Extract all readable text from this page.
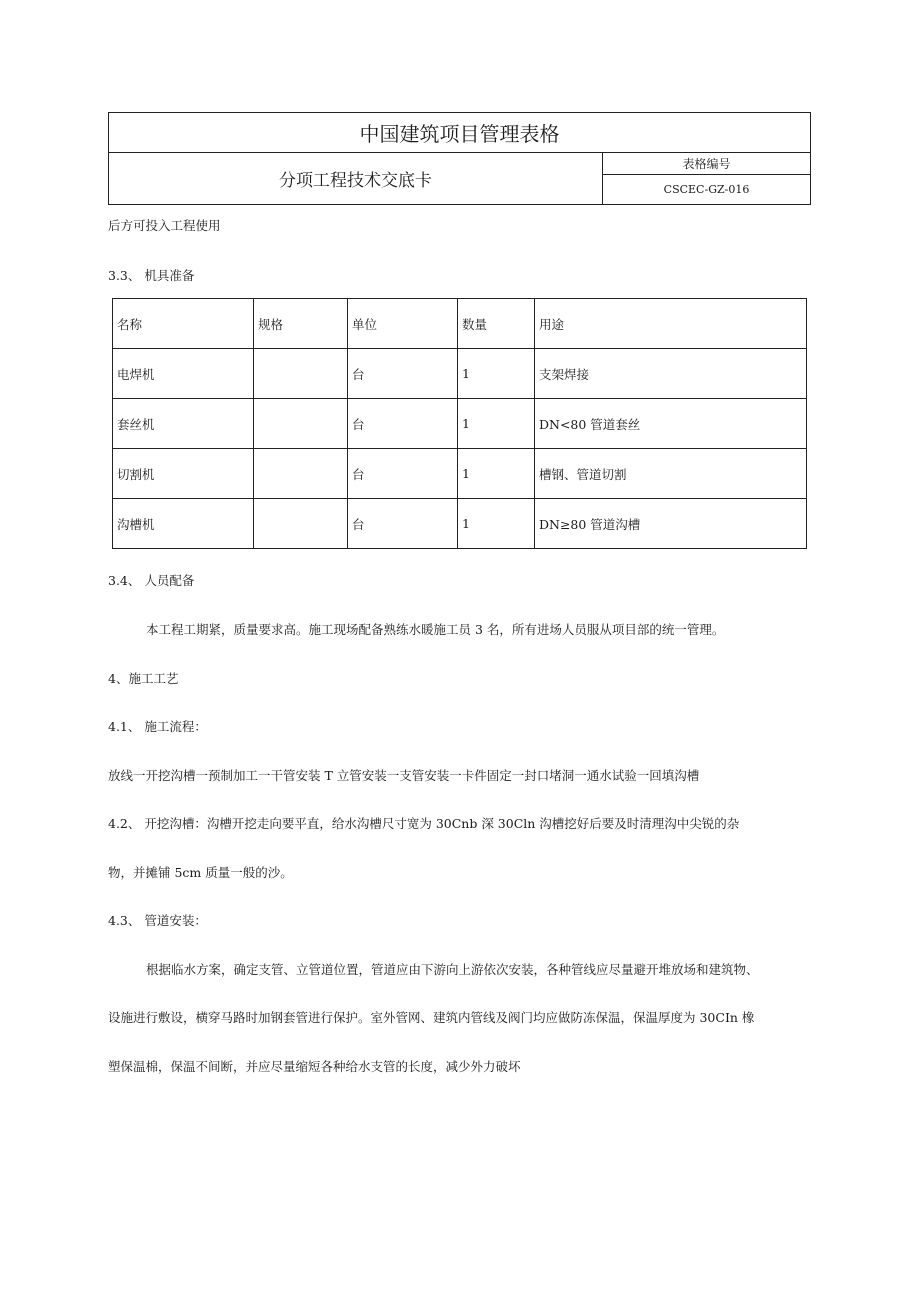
中国建筑项目管理表格
分项工程技术交底卡
表格编号
CSCEC-GZ-016
后方可投入工程使用
3.3、 机具准备
名称	规格	单位	数量	用途
电焊机		台	1	支架焊接
套丝机		台	1	DN<80 管道套丝
切割机		台	1	槽钢、管道切割
沟槽机		台	1	DN≥80 管道沟槽
3.4、 人员配备
本工程工期紧，质量要求高。施工现场配备熟练水暖施工员 3 名，所有进场人员服从项目部的统一管理。
4、施工工艺
4.1、 施工流程：
放线一开挖沟槽一预制加工一干管安装 T 立管安装一支管安装一卡件固定一封口堵洞一通水试验一回填沟槽
4.2、 开挖沟槽：沟槽开挖走向要平直，给水沟槽尺寸宽为 30Cnb 深 30Cln 沟槽挖好后要及时清理沟中尖锐的杂
物，并摊铺 5cm 质量一般的沙。
4.3、 管道安装：
根据临水方案，确定支管、立管道位置，管道应由下游向上游依次安装，各种管线应尽量避开堆放场和建筑物、
设施进行敷设，横穿马路时加钢套管进行保护。室外管网、建筑内管线及阀门均应做防冻保温，保温厚度为 30CIn 橡
塑保温棉，保温不间断，并应尽量缩短各种给水支管的长度，减少外力破坏
